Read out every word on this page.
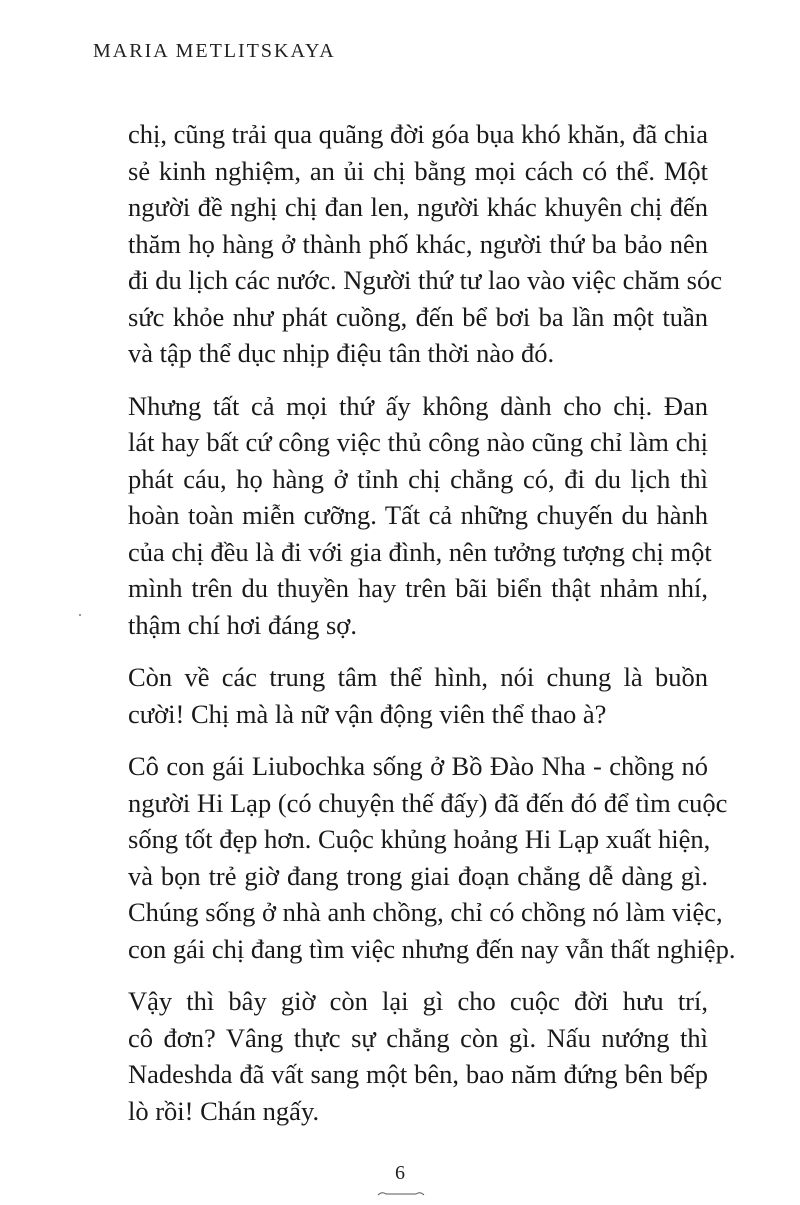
MARIA METLITSKAYA

chị, cũng trải qua quãng đời góa bụa khó khăn, đã chia
sẻ kinh nghiệm, an ủi chị bằng mọi cách có thể. Một
người đề nghị chị đan len, người khác khuyên chị đến
thăm họ hàng ở thành phố khác, người thứ ba bảo nên
đi du lịch các nước. Người thứ tư lao vào việc chăm sóc
sức khỏe như phát cuồng, đến bể bơi ba lần một tuần
và tập thể dục nhịp điệu tân thời nào đó.

Nhưng tất cả mọi thứ ấy không dành cho chị. Đan
lát hay bất cứ công việc thủ công nào cũng chỉ làm chị
phát cáu, họ hàng ở tỉnh chị chẳng có, đi du lịch thì
hoàn toàn miễn cưỡng. Tất cả những chuyến du hành
của chị đều là đi với gia đình, nên tưởng tượng chị một
mình trên du thuyền hay trên bãi biển thật nhảm nhí,
thậm chí hơi đáng sợ.

Còn về các trung tâm thể hình, nói chung là buồn
cười! Chị mà là nữ vận động viên thể thao à?

Cô con gái Liubochka sống ở Bồ Đào Nha - chồng nó
người Hi Lạp (có chuyện thế đấy) đã đến đó để tìm cuộc
sống tốt đẹp hơn. Cuộc khủng hoảng Hi Lạp xuất hiện,
và bọn trẻ giờ đang trong giai đoạn chẳng dễ dàng gì.
Chúng sống ở nhà anh chồng, chỉ có chồng nó làm việc,
con gái chị đang tìm việc nhưng đến nay vẫn thất nghiệp.

Vậy thì bây giờ còn lại gì cho cuộc đời hưu trí,
cô đơn? Vâng thực sự chẳng còn gì. Nấu nướng thì
Nadeshda đã vất sang một bên, bao năm đứng bên bếp
lò rồi! Chán ngấy.

6
